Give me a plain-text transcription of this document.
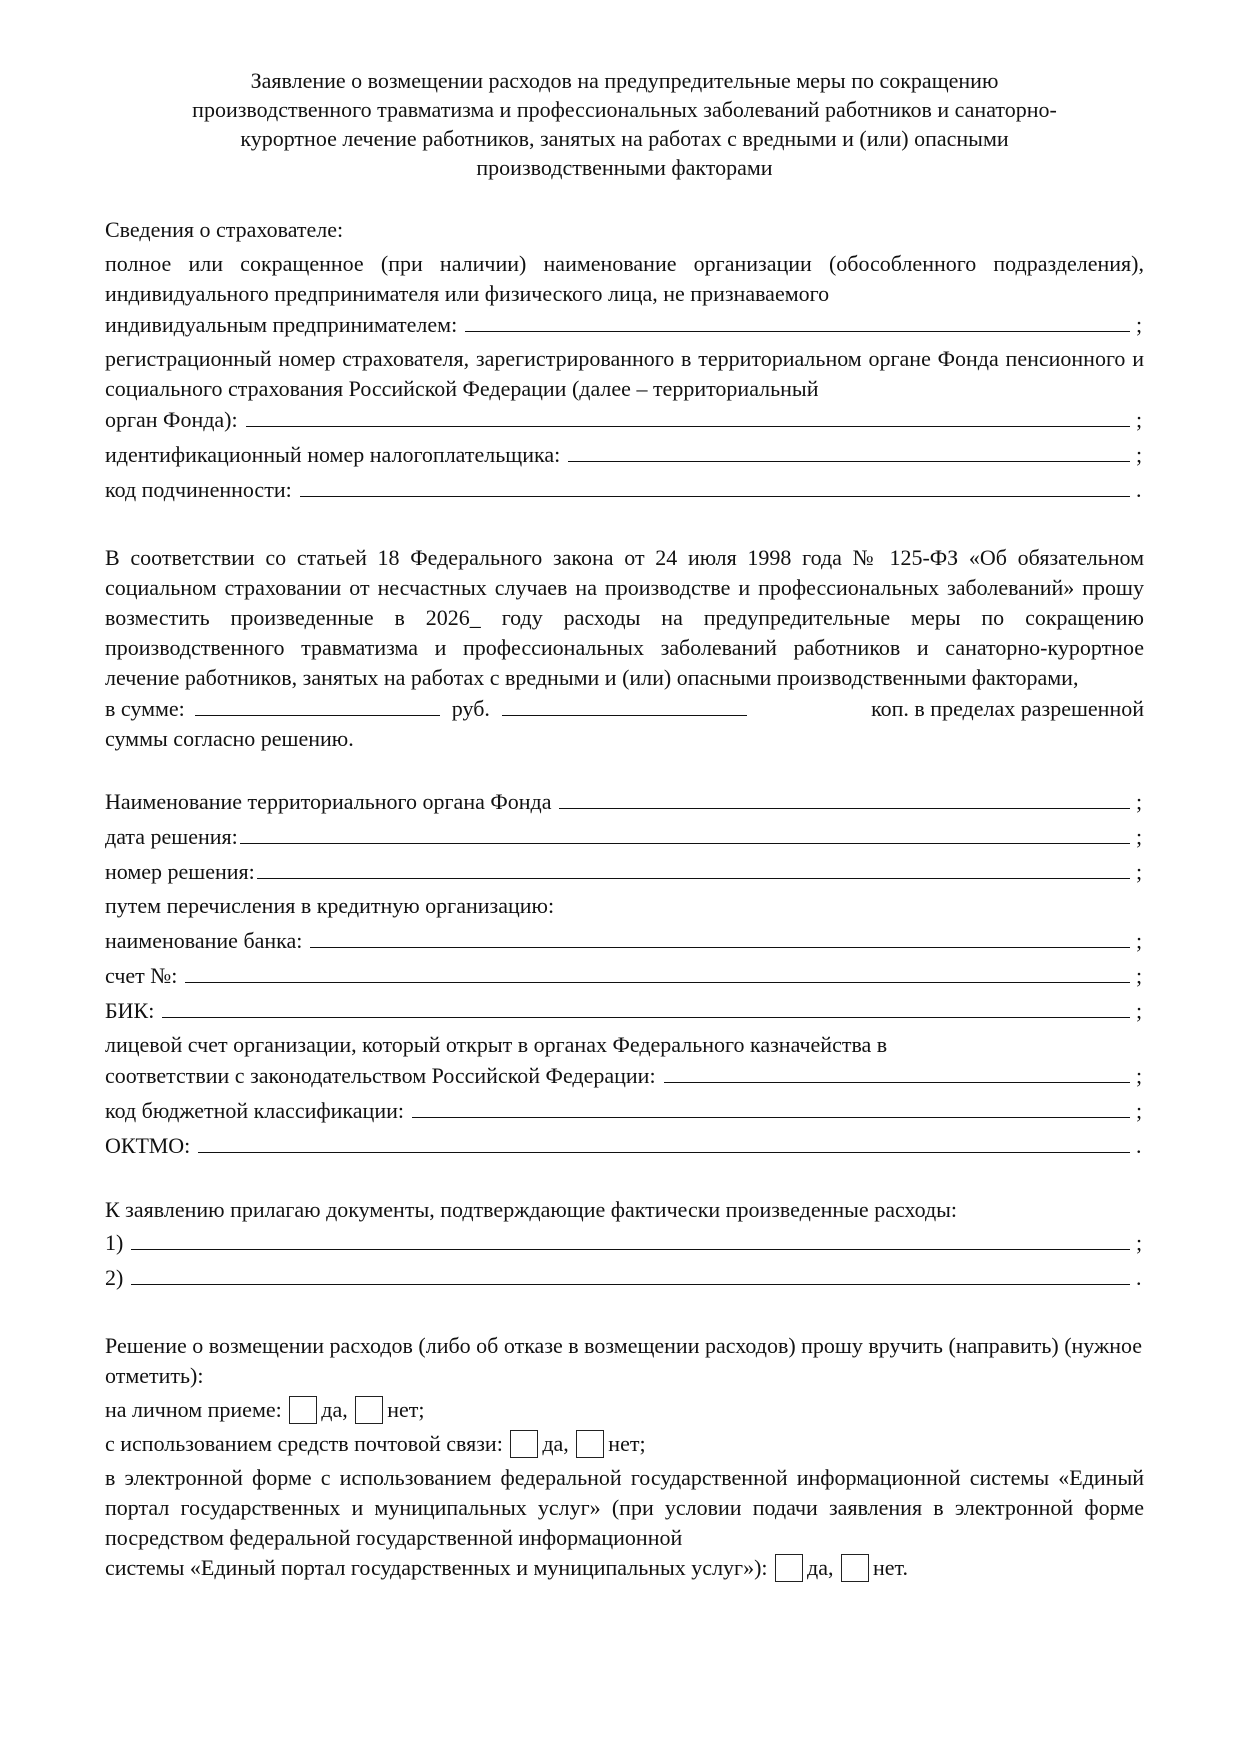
Заявление о возмещении расходов на предупредительные меры по сокращению
производственного травматизма и профессиональных заболеваний работников и санаторно-
курортное лечение работников, занятых на работах с вредными и (или) опасными
производственными факторами

Сведения о страхователе:

полное или сокращенное (при наличии) наименование организации (обособленного подразделения), индивидуального предпринимателя или физического лица, не признаваемого

индивидуальным предпринимателем:	;

регистрационный номер страхователя, зарегистрированного в территориальном органе Фонда пенсионного и социального страхования Российской Федерации (далее – территориальный

орган Фонда):	;
идентификационный номер налогоплательщика:	;
код подчиненности:	.

В соответствии со статьей 18 Федерального закона от 24 июля 1998 года № 125-ФЗ «Об обязательном социальном страховании от несчастных случаев на производстве и профессиональных заболеваний» прошу возместить произведенные в 2026_ году расходы на предупредительные меры по сокращению производственного травматизма и профессиональных заболеваний работников и санаторно-курортное лечение работников, занятых на работах с вредными и (или) опасными производственными факторами,

в сумме:	руб.	коп. в пределах разрешенной

суммы согласно решению.

Наименование территориального органа Фонда	;
дата решения:	;
номер решения:	;

путем перечисления в кредитную организацию:

наименование банка:	;
счет №:	;
БИК:	;

лицевой счет организации, который открыт в органах Федерального казначейства в

соответствии с законодательством Российской Федерации:	;
код бюджетной классификации:	;
ОКТМО:	.

К заявлению прилагаю документы, подтверждающие фактически произведенные расходы:

1)	;
2)	.

Решение о возмещении расходов (либо об отказе в возмещении расходов) прошу вручить (направить) (нужное отметить):

на личном приеме: да, нет;
с использованием средств почтовой связи: да, нет;

в электронной форме с использованием федеральной государственной информационной системы «Единый портал государственных и муниципальных услуг» (при условии подачи заявления в электронной форме посредством федеральной государственной информационной

системы «Единый портал государственных и муниципальных услуг»): да, нет.
